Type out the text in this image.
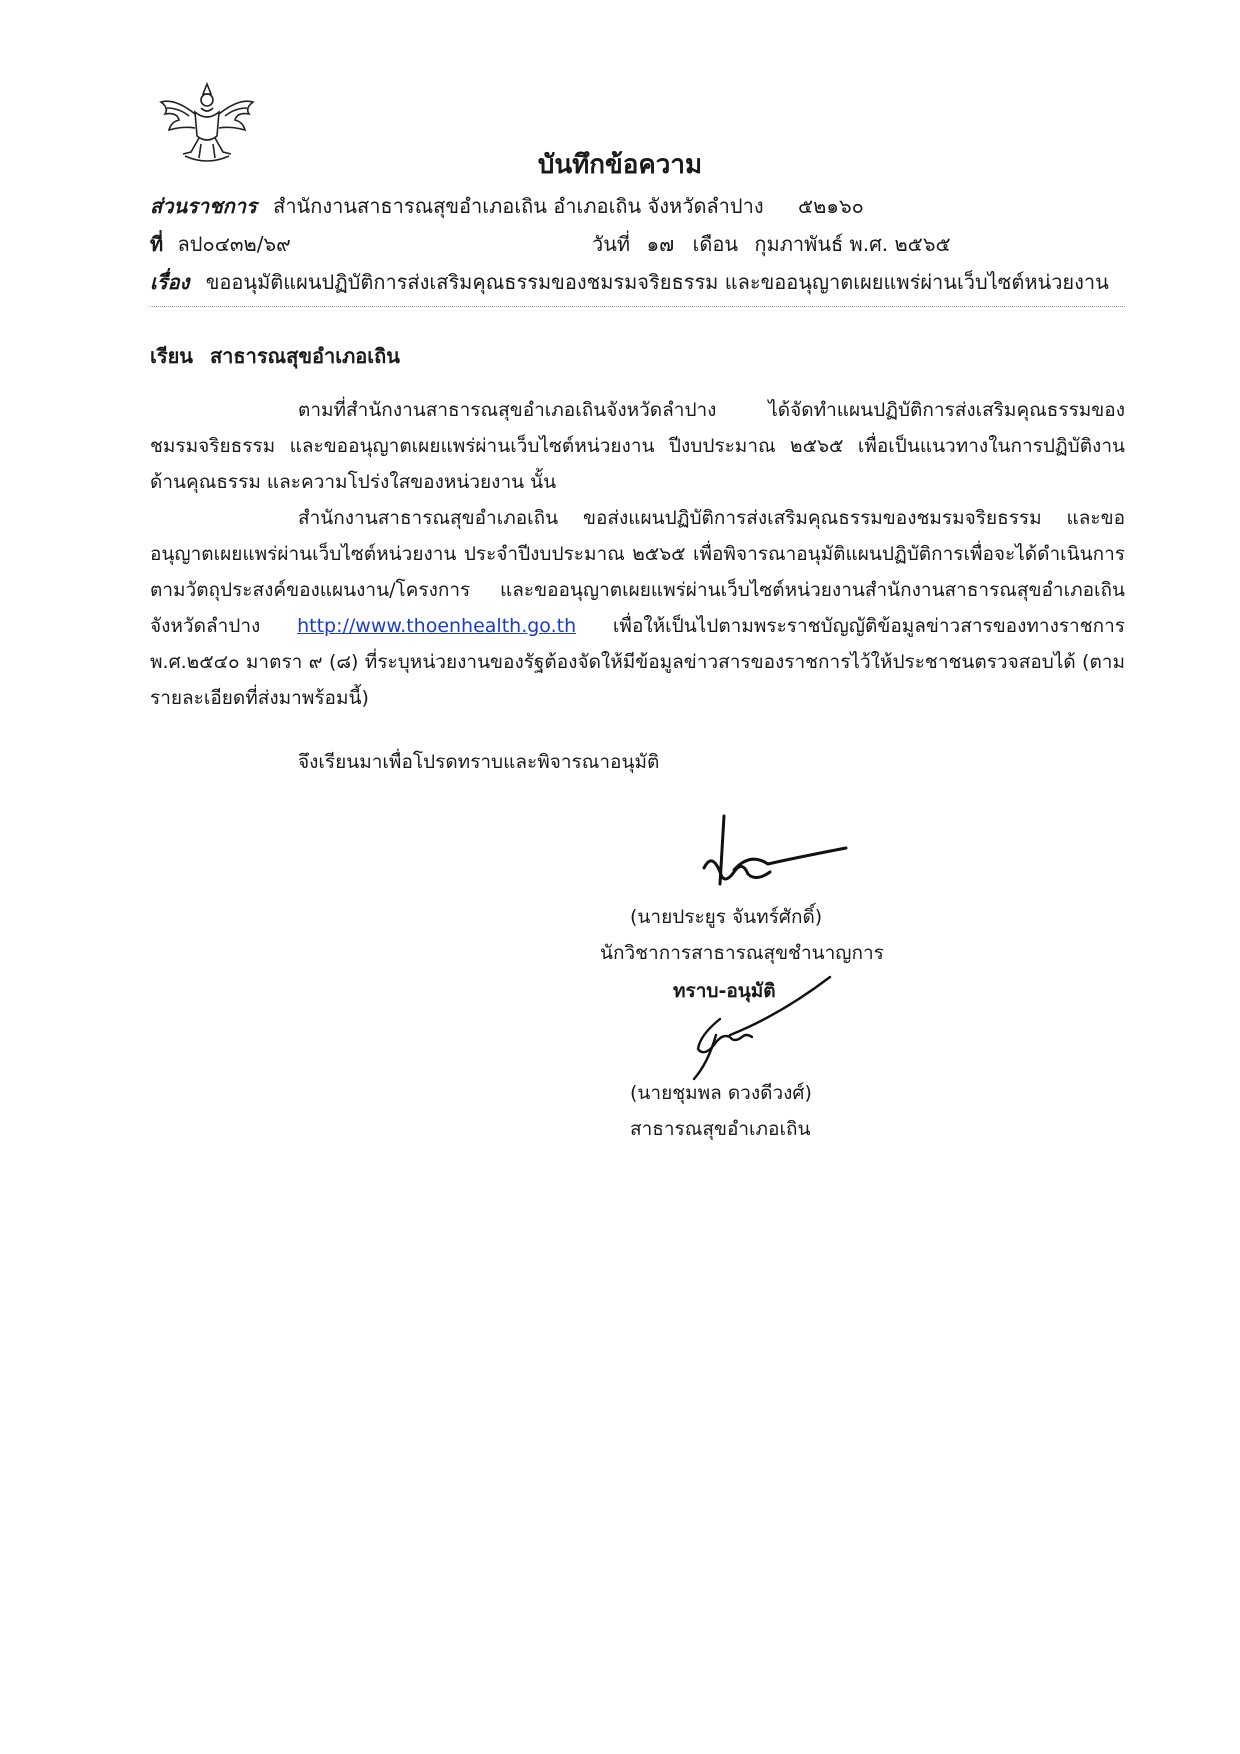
บันทึกข้อความ
ส่วนราชการ สำนักงานสาธารณสุขอำเภอเถิน อำเภอเถิน จังหวัดลำปาง ๕๒๑๖๐
ที่ ลป๐๔๓๒/๖๙	วันที่ ๑๗ เดือน กุมภาพันธ์ พ.ศ. ๒๕๖๕
เรื่อง ขออนุมัติแผนปฏิบัติการส่งเสริมคุณธรรมของชมรมจริยธรรม และขออนุญาตเผยแพร่ผ่านเว็บไซต์หน่วยงาน
เรียน สาธารณสุขอำเภอเถิน

ตามที่สำนักงานสาธารณสุขอำเภอเถินจังหวัดลำปาง ได้จัดทำแผนปฏิบัติการส่งเสริมคุณธรรมของชมรมจริยธรรม และขออนุญาตเผยแพร่ผ่านเว็บไซต์หน่วยงาน ปีงบประมาณ ๒๕๖๕ เพื่อเป็นแนวทางในการปฏิบัติงานด้านคุณธรรม และความโปร่งใสของหน่วยงาน นั้น

สำนักงานสาธารณสุขอำเภอเถิน ขอส่งแผนปฏิบัติการส่งเสริมคุณธรรมของชมรมจริยธรรม และขออนุญาตเผยแพร่ผ่านเว็บไซต์หน่วยงาน ประจำปีงบประมาณ ๒๕๖๕ เพื่อพิจารณาอนุมัติแผนปฏิบัติการเพื่อจะได้ดำเนินการตามวัตถุประสงค์ของแผนงาน/โครงการ และขออนุญาตเผยแพร่ผ่านเว็บไซต์หน่วยงานสำนักงานสาธารณสุขอำเภอเถิน จังหวัดลำปาง http://www.thoenhealth.go.th เพื่อให้เป็นไปตามพระราชบัญญัติข้อมูลข่าวสารของทางราชการ พ.ศ.๒๕๔๐ มาตรา ๙ (๘) ที่ระบุหน่วยงานของรัฐต้องจัดให้มีข้อมูลข่าวสารของราชการไว้ให้ประชาชนตรวจสอบได้ (ตามรายละเอียดที่ส่งมาพร้อมนี้)

จึงเรียนมาเพื่อโปรดทราบและพิจารณาอนุมัติ

(นายประยูร จันทร์ศักดิ์)
นักวิชาการสาธารณสุขชำนาญการ
ทราบ-อนุมัติ
(นายชุมพล ดวงดีวงศ์)
สาธารณสุขอำเภอเถิน
